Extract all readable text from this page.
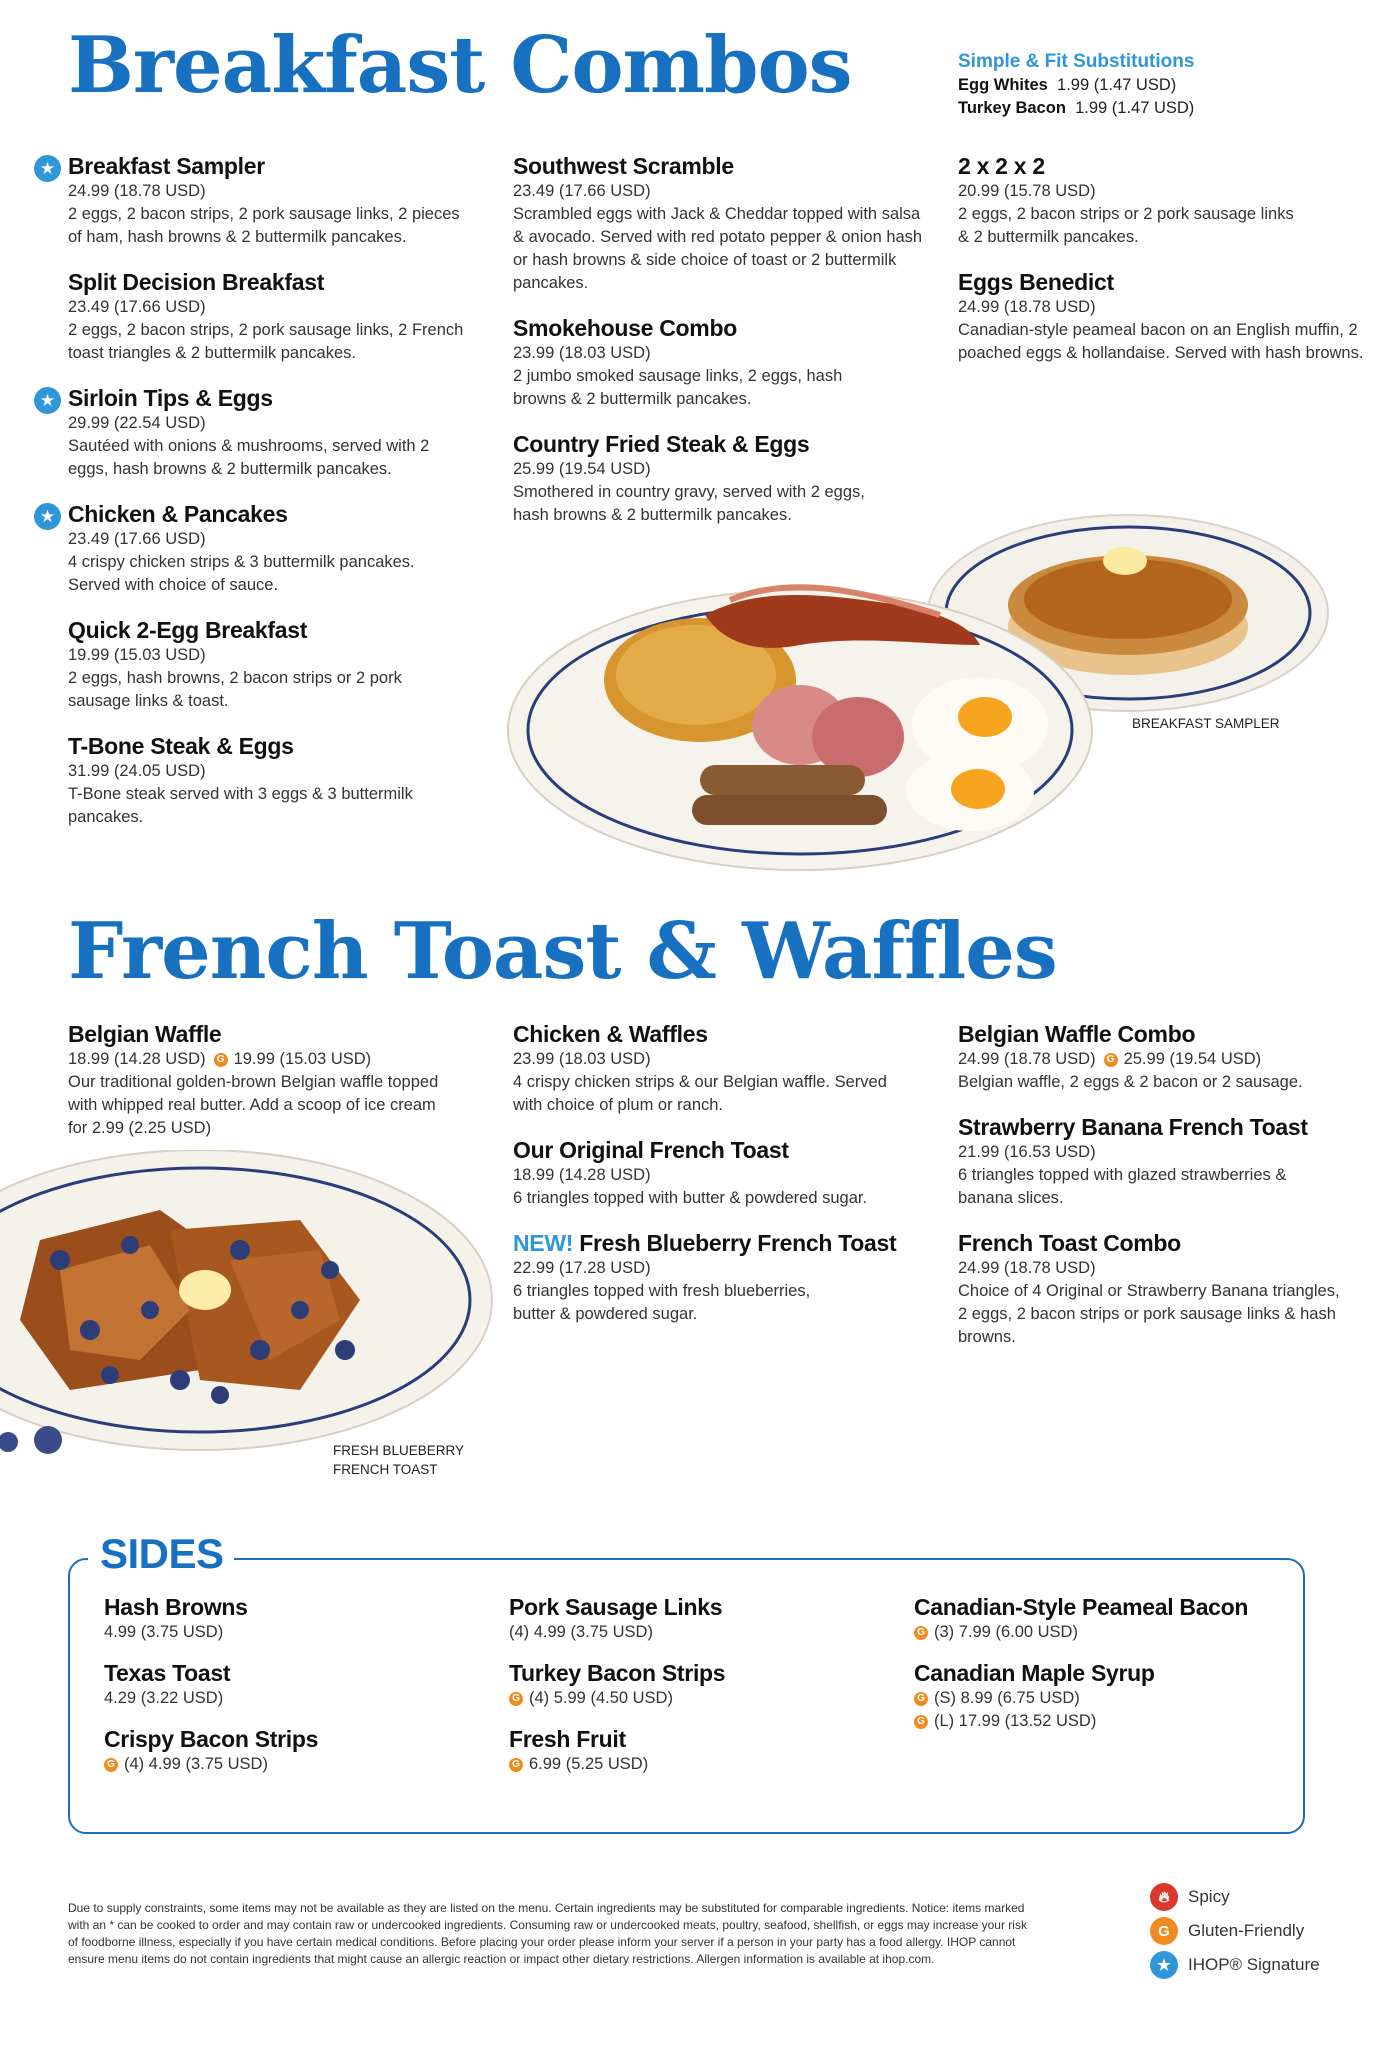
Breakfast Combos	Simple & Fit Substitutions
Egg Whites 1.99 (1.47 USD)
Turkey Bacon 1.99 (1.47 USD)
★ Breakfast Sampler
24.99 (18.78 USD)
2 eggs, 2 bacon strips, 2 pork sausage links, 2 pieces of ham, hash browns & 2 buttermilk pancakes.
Split Decision Breakfast
23.49 (17.66 USD)
2 eggs, 2 bacon strips, 2 pork sausage links, 2 French toast triangles & 2 buttermilk pancakes.
★ Sirloin Tips & Eggs
29.99 (22.54 USD)
Sautéed with onions & mushrooms, served with 2 eggs, hash browns & 2 buttermilk pancakes.
★ Chicken & Pancakes
23.49 (17.66 USD)
4 crispy chicken strips & 3 buttermilk pancakes. Served with choice of sauce.
Quick 2-Egg Breakfast
19.99 (15.03 USD)
2 eggs, hash browns, 2 bacon strips or 2 pork sausage links & toast.
T-Bone Steak & Eggs
31.99 (24.05 USD)
T-Bone steak served with 3 eggs & 3 buttermilk pancakes.
Southwest Scramble
23.49 (17.66 USD)
Scrambled eggs with Jack & Cheddar topped with salsa & avocado. Served with red potato pepper & onion hash or hash browns & side choice of toast or 2 buttermilk pancakes.
Smokehouse Combo
23.99 (18.03 USD)
2 jumbo smoked sausage links, 2 eggs, hash browns & 2 buttermilk pancakes.
Country Fried Steak & Eggs
25.99 (19.54 USD)
Smothered in country gravy, served with 2 eggs, hash browns & 2 buttermilk pancakes.
2 x 2 x 2
20.99 (15.78 USD)
2 eggs, 2 bacon strips or 2 pork sausage links & 2 buttermilk pancakes.
Eggs Benedict
24.99 (18.78 USD)
Canadian-style peameal bacon on an English muffin, 2 poached eggs & hollandaise. Served with hash browns.
BREAKFAST SAMPLER
French Toast & Waffles
Belgian Waffle
18.99 (14.28 USD)	G 19.99 (15.03 USD)
Our traditional golden-brown Belgian waffle topped with whipped real butter. Add a scoop of ice cream for 2.99 (2.25 USD)
Chicken & Waffles
23.99 (18.03 USD)
4 crispy chicken strips & our Belgian waffle. Served with choice of plum or ranch.
Our Original French Toast
18.99 (14.28 USD)
6 triangles topped with butter & powdered sugar.
NEW! Fresh Blueberry French Toast
22.99 (17.28 USD)
6 triangles topped with fresh blueberries, butter & powdered sugar.
Belgian Waffle Combo
24.99 (18.78 USD)	G 25.99 (19.54 USD)
Belgian waffle, 2 eggs & 2 bacon or 2 sausage.
Strawberry Banana French Toast
21.99 (16.53 USD)
6 triangles topped with glazed strawberries & banana slices.
French Toast Combo
24.99 (18.78 USD)
Choice of 4 Original or Strawberry Banana triangles, 2 eggs, 2 bacon strips or pork sausage links & hash browns.
FRESH BLUEBERRY
FRENCH TOAST
SIDES
Hash Browns
4.99 (3.75 USD)
Texas Toast
4.29 (3.22 USD)
Crispy Bacon Strips
G (4) 4.99 (3.75 USD)
Pork Sausage Links
(4) 4.99 (3.75 USD)
Turkey Bacon Strips
G (4) 5.99 (4.50 USD)
Fresh Fruit
G 6.99 (5.25 USD)
Canadian-Style Peameal Bacon
G (3) 7.99 (6.00 USD)
Canadian Maple Syrup
G (S) 8.99 (6.75 USD)
G (L) 17.99 (13.52 USD)
Due to supply constraints, some items may not be available as they are listed on the menu. Certain ingredients may be substituted for comparable ingredients. Notice: items marked with an * can be cooked to order and may contain raw or undercooked ingredients. Consuming raw or undercooked meats, poultry, seafood, shellfish, or eggs may increase your risk of foodborne illness, especially if you have certain medical conditions. Before placing your order please inform your server if a person in your party has a food allergy. IHOP cannot ensure menu items do not contain ingredients that might cause an allergic reaction or impact other dietary restrictions. Allergen information is available at ihop.com.
🔥︎	Spicy
G	Gluten-Friendly
★	IHOP® Signature
